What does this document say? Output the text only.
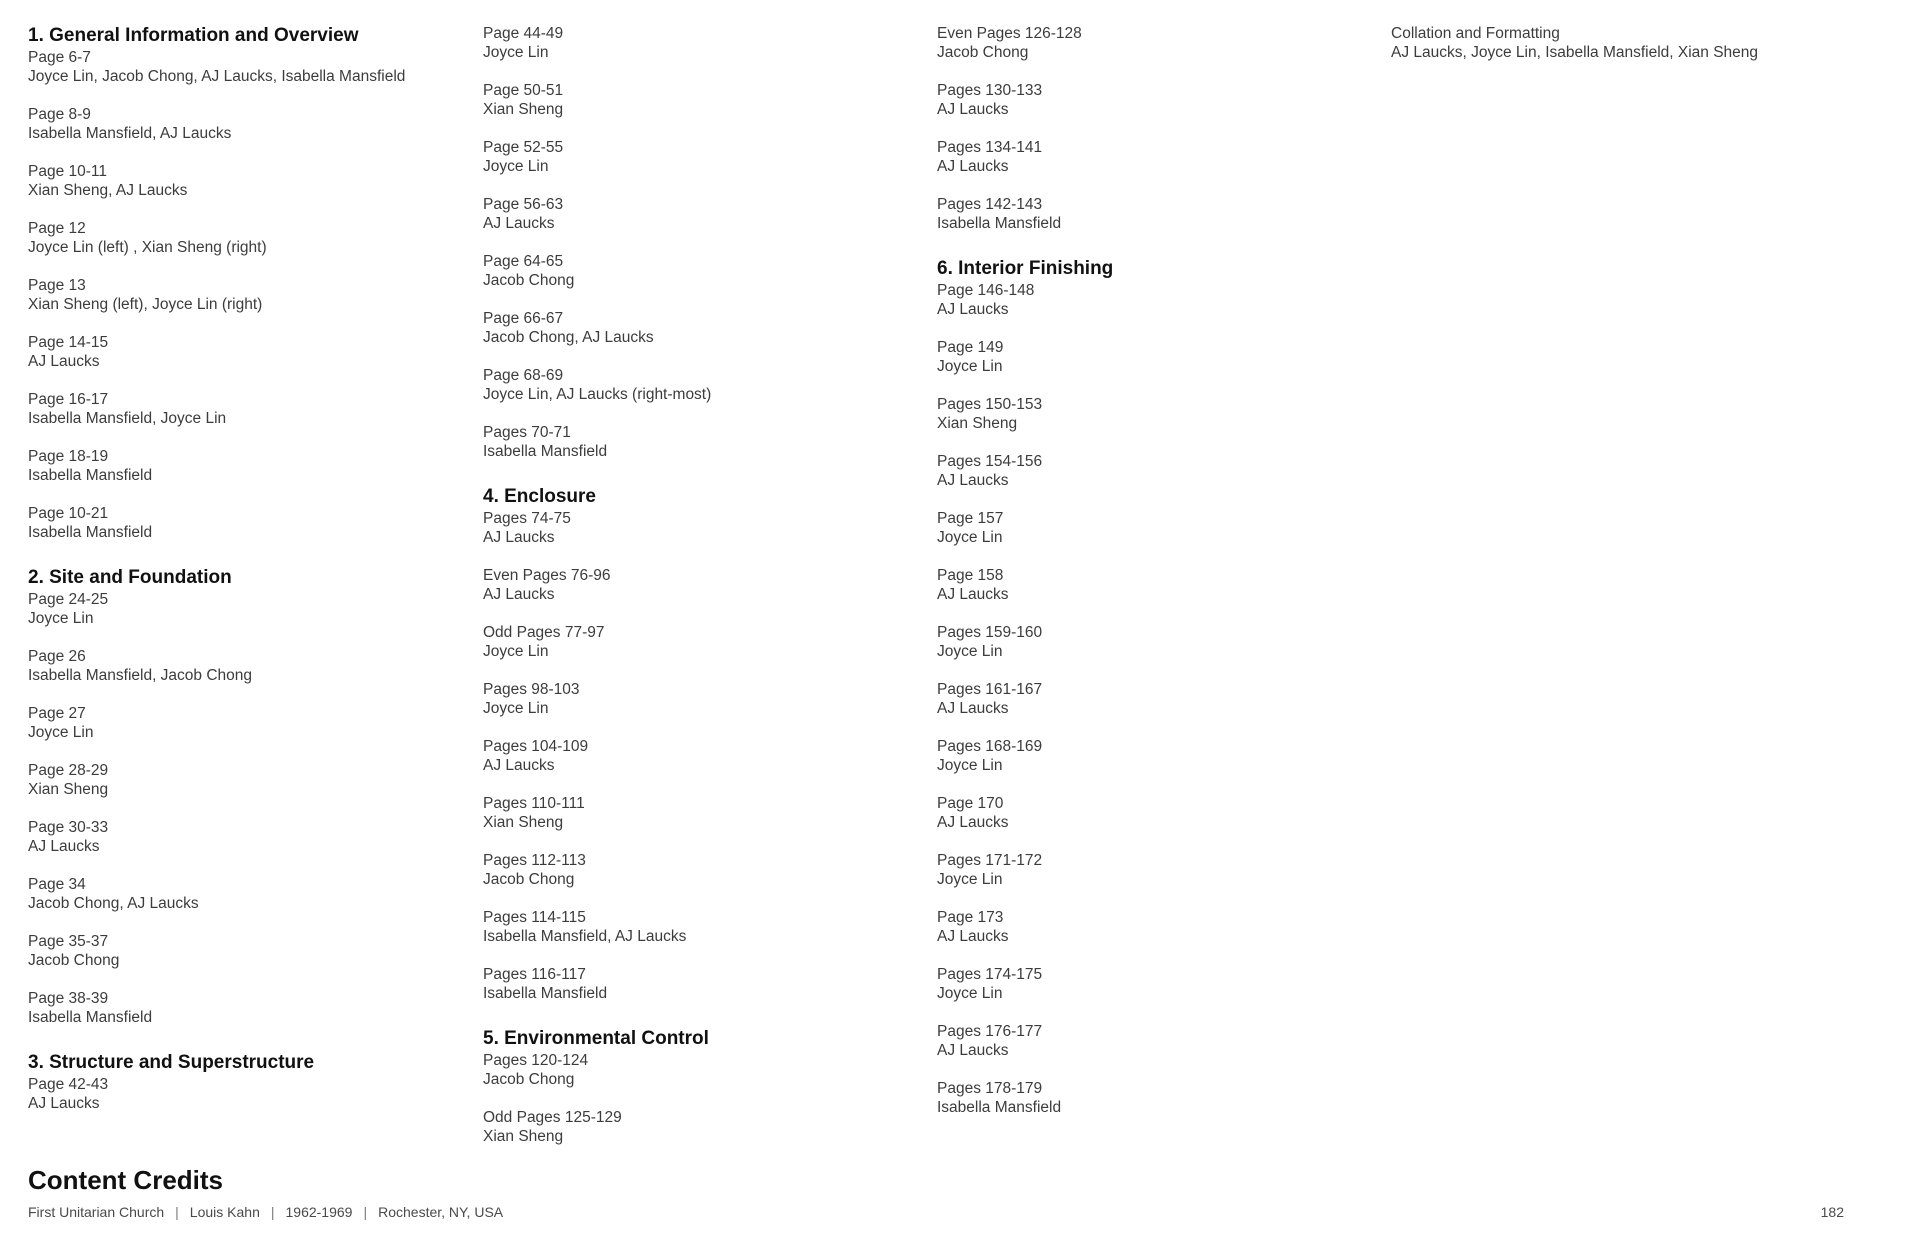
1. General Information and Overview
Page 6-7
Joyce Lin, Jacob Chong, AJ Laucks, Isabella Mansfield
Page 8-9
Isabella Mansfield, AJ Laucks
Page 10-11
Xian Sheng, AJ Laucks
Page 12
Joyce Lin (left) , Xian Sheng (right)
Page 13
Xian Sheng (left), Joyce Lin (right)
Page 14-15
AJ Laucks
Page 16-17
Isabella Mansfield, Joyce Lin
Page 18-19
Isabella Mansfield
Page 10-21
Isabella Mansfield
2. Site and Foundation
Page 24-25
Joyce Lin
Page 26
Isabella Mansfield, Jacob Chong
Page 27
Joyce Lin
Page 28-29
Xian Sheng
Page 30-33
AJ Laucks
Page 34
Jacob Chong, AJ Laucks
Page 35-37
Jacob Chong
Page 38-39
Isabella Mansfield
3. Structure and Superstructure
Page 42-43
AJ Laucks
Page 44-49
Joyce Lin
Page 50-51
Xian Sheng
Page 52-55
Joyce Lin
Page 56-63
AJ Laucks
Page 64-65
Jacob Chong
Page 66-67
Jacob Chong, AJ Laucks
Page 68-69
Joyce Lin, AJ Laucks (right-most)
Pages 70-71
Isabella Mansfield
4. Enclosure
Pages 74-75
AJ Laucks
Even Pages 76-96
AJ Laucks
Odd Pages 77-97
Joyce Lin
Pages 98-103
Joyce Lin
Pages 104-109
AJ Laucks
Pages 110-111
Xian Sheng
Pages 112-113
Jacob Chong
Pages 114-115
Isabella Mansfield, AJ Laucks
Pages 116-117
Isabella Mansfield
5. Environmental Control
Pages 120-124
Jacob Chong
Odd Pages 125-129
Xian Sheng
Even Pages 126-128
Jacob Chong
Pages 130-133
AJ Laucks
Pages 134-141
AJ Laucks
Pages 142-143
Isabella Mansfield
6. Interior Finishing
Page 146-148
AJ Laucks
Page 149
Joyce Lin
Pages 150-153
Xian Sheng
Pages 154-156
AJ Laucks
Page 157
Joyce Lin
Page 158
AJ Laucks
Pages 159-160
Joyce Lin
Pages 161-167
AJ Laucks
Pages 168-169
Joyce Lin
Page 170
AJ Laucks
Pages 171-172
Joyce Lin
Page 173
AJ Laucks
Pages 174-175
Joyce Lin
Pages 176-177
AJ Laucks
Pages 178-179
Isabella Mansfield
Collation and Formatting
AJ Laucks, Joyce Lin, Isabella Mansfield, Xian Sheng
Content Credits
First Unitarian Church | Louis Kahn | 1962-1969 | Rochester, NY, USA	182
